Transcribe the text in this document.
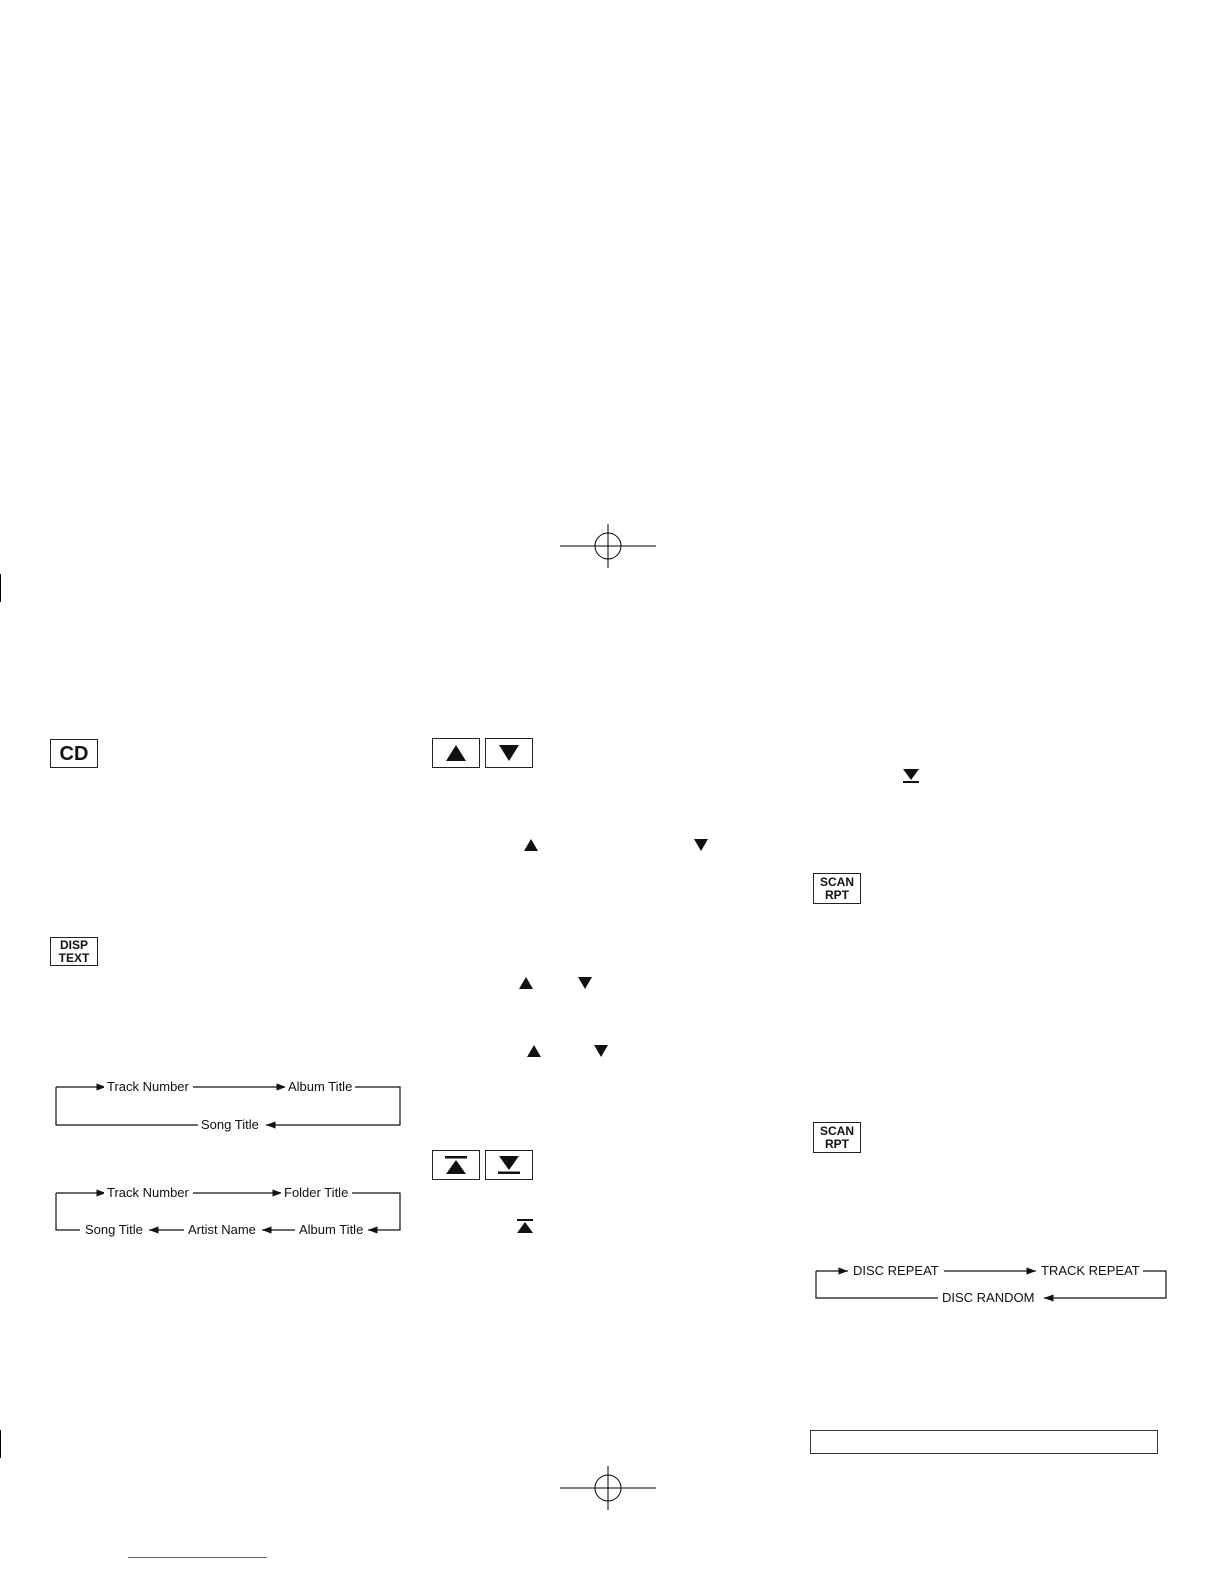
CD
DISP
TEXT
Track Number	Album Title
Song Title
Track Number	Folder Title
Song Title	Artist Name	Album Title
SCAN
RPT
SCAN
RPT
DISC REPEAT	TRACK REPEAT
DISC RANDOM
